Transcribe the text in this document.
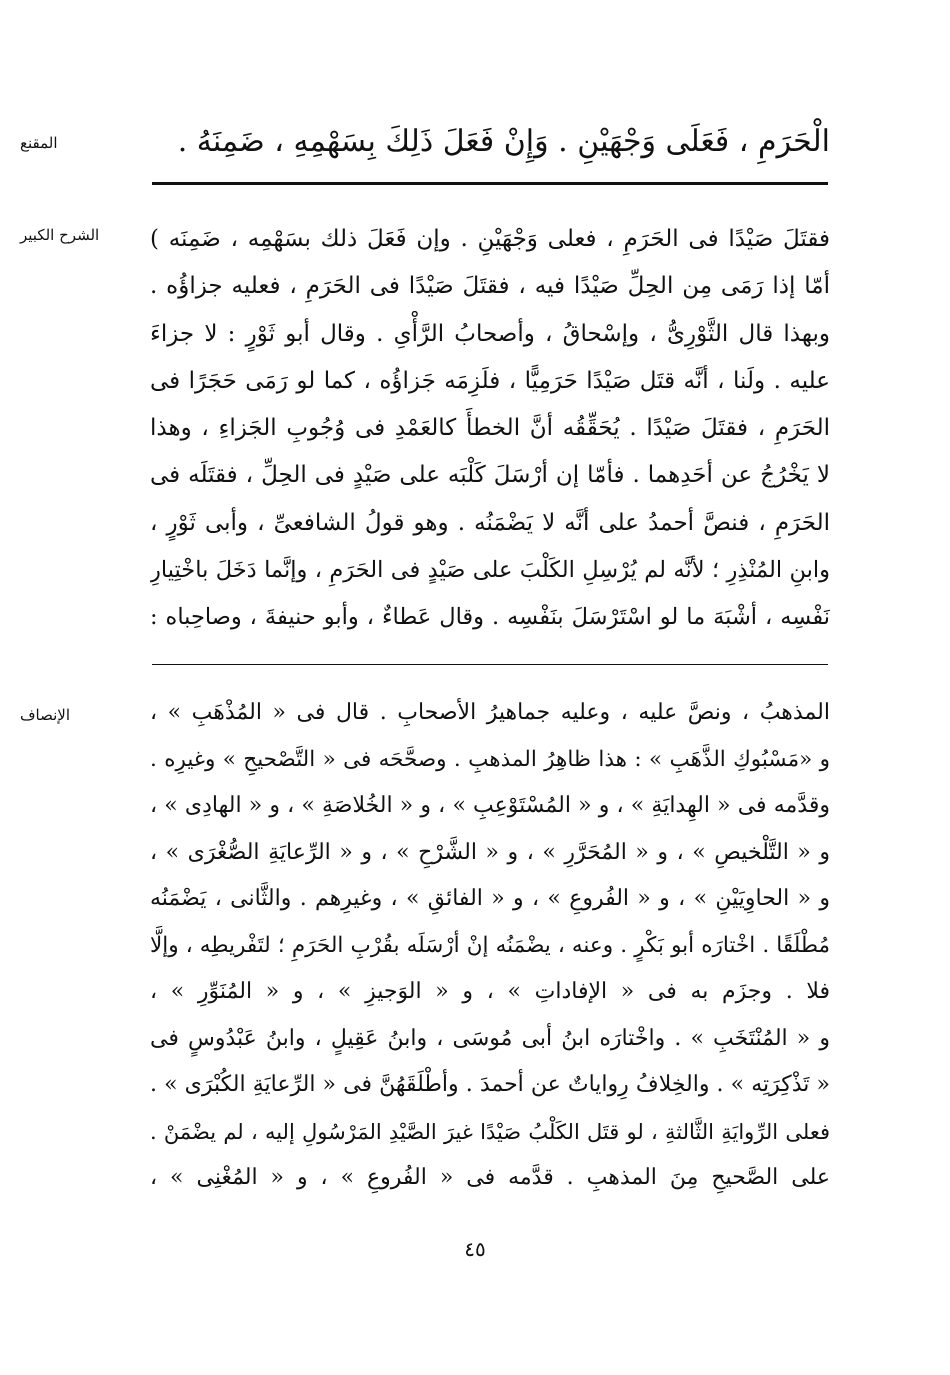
المقنع	الْحَرَمِ ، فَعَلَى وَجْهَيْنِ . وَإِنْ فَعَلَ ذَلِكَ بِسَهْمِهِ ، ضَمِنَهُ .
الشرح الكبير	فقتَلَ صَيْدًا فى الحَرَمِ ، فعلى وَجْهَيْنِ . وإن فَعَلَ ذلك بسَهْمِه ، ضَمِنَه )
أمّا إذا رَمَى مِن الحِلِّ صَيْدًا فيه ، فقتَلَ صَيْدًا فى الحَرَمِ ، فعليه جزاؤُه .
وبهذا قال الثَّوْرِىُّ ، وإسْحاقُ ، وأصحابُ الرَّأْىِ . وقال أبو ثَوْرٍ : لا جزاءَ
عليه . ولَنا ، أنَّه قتَل صَيْدًا حَرَمِيًّا ، فلَزِمَه جَزاؤُه ، كما لو رَمَى حَجَرًا فى
الحَرَمِ ، فقتَلَ صَيْدًا . يُحَقِّقُه أنَّ الخطأَ كالعَمْدِ فى وُجُوبِ الجَزاءِ ، وهذا
لا يَخْرُجُ عن أحَدِهما . فأمّا إن أرْسَلَ كَلْبَه على صَيْدٍ فى الحِلِّ ، فقتَلَه فى
الحَرَمِ ، فنصَّ أحمدُ على أنَّه لا يَضْمَنُه . وهو قولُ الشافعىِّ ، وأبى ثَوْرٍ ،
وابنِ المُنْذِرِ ؛ لأنَّه لم يُرْسِلِ الكَلْبَ على صَيْدٍ فى الحَرَمِ ، وإنَّما دَخَلَ باخْتِيارِ
نَفْسِه ، أشْبَهَ ما لو اسْتَرْسَلَ بنَفْسِه . وقال عَطاءٌ ، وأبو حنيفةَ ، وصاحِباه :
الإنصاف	المذهبُ ، ونصَّ عليه ، وعليه جماهيرُ الأصحابِ . قال فى « المُذْهَبِ » ،
و «مَسْبُوكِ الذَّهَبِ » : هذا ظاهِرُ المذهبِ . وصحَّحَه فى « التَّصْحيحِ » وغيرِه .
وقدَّمه فى « الهِدايَةِ » ، و « المُسْتَوْعِبِ » ، و « الخُلاصَةِ » ، و « الهادِى » ،
و « التَّلْخيصِ » ، و « المُحَرَّرِ » ، و « الشَّرْحِ » ، و « الرِّعايَةِ الصُّغْرَى » ،
و « الحاوِيَيْنِ » ، و « الفُروعِ » ، و « الفائقِ » ، وغيرِهم . والثَّانى ، يَضْمَنُه
مُطْلَقًا . اخْتارَه أبو بَكْرٍ . وعنه ، يضْمَنُه إنْ أرْسَلَه بقُرْبِ الحَرَمِ ؛ لتَفْريطِه ، وإلَّا
فلا . وجزَم به فى « الإفاداتِ » ، و « الوَجيزِ » ، و « المُنَوِّرِ » ،
و « المُنْتَخَبِ » . واخْتارَه ابنُ أبى مُوسَى ، وابنُ عَقِيلٍ ، وابنُ عَبْدُوسٍ فى
« تَذْكِرَتِه » . والخِلافُ رِواياتٌ عن أحمدَ . وأطْلَقَهُنَّ فى « الرِّعايَةِ الكُبْرَى » .
فعلى الرِّوايَةِ الثَّالثةِ ، لو قتَل الكَلْبُ صَيْدًا غيرَ الصَّيْدِ المَرْسُولِ إليه ، لم يضْمَنْ .
على الصَّحيحِ مِنَ المذهبِ . قدَّمه فى « الفُروعِ » ، و « المُغْنِى » ،
٤٥
